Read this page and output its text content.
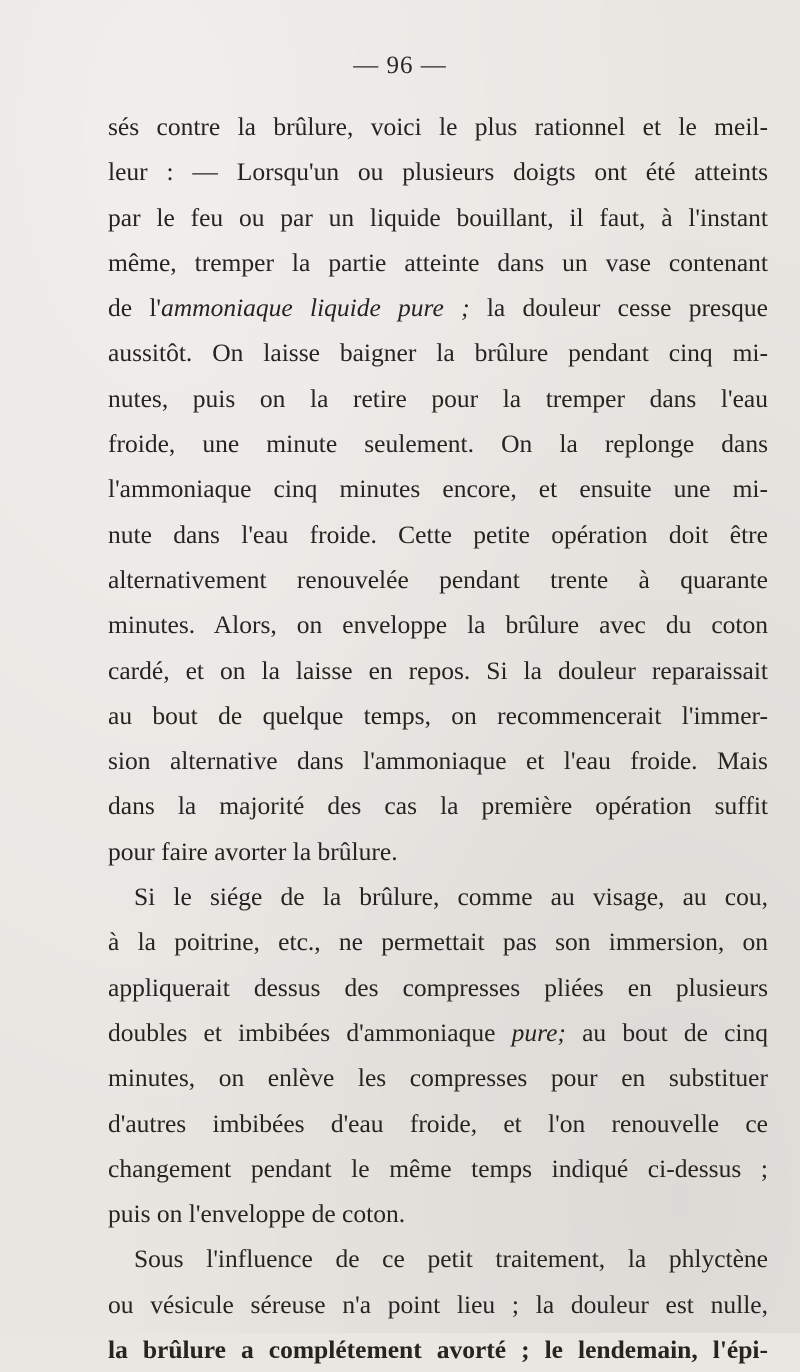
— 96 —
sés contre la brûlure, voici le plus rationnel et le meil-
leur : — Lorsqu'un ou plusieurs doigts ont été atteints
par le feu ou par un liquide bouillant, il faut, à l'instant
même, tremper la partie atteinte dans un vase contenant
de l'ammoniaque liquide pure ; la douleur cesse presque
aussitôt. On laisse baigner la brûlure pendant cinq mi-
nutes, puis on la retire pour la tremper dans l'eau
froide, une minute seulement. On la replonge dans
l'ammoniaque cinq minutes encore, et ensuite une mi-
nute dans l'eau froide. Cette petite opération doit être
alternativement renouvelée pendant trente à quarante
minutes. Alors, on enveloppe la brûlure avec du coton
cardé, et on la laisse en repos. Si la douleur reparaissait
au bout de quelque temps, on recommencerait l'immer-
sion alternative dans l'ammoniaque et l'eau froide. Mais
dans la majorité des cas la première opération suffit
pour faire avorter la brûlure.
Si le siége de la brûlure, comme au visage, au cou,
à la poitrine, etc., ne permettait pas son immersion, on
appliquerait dessus des compresses pliées en plusieurs
doubles et imbibées d'ammoniaque pure; au bout de cinq
minutes, on enlève les compresses pour en substituer
d'autres imbibées d'eau froide, et l'on renouvelle ce
changement pendant le même temps indiqué ci-dessus ;
puis on l'enveloppe de coton.
Sous l'influence de ce petit traitement, la phlyctène
ou vésicule séreuse n'a point lieu ; la douleur est nulle,
la brûlure a complétement avorté ; le lendemain, l'épi-
